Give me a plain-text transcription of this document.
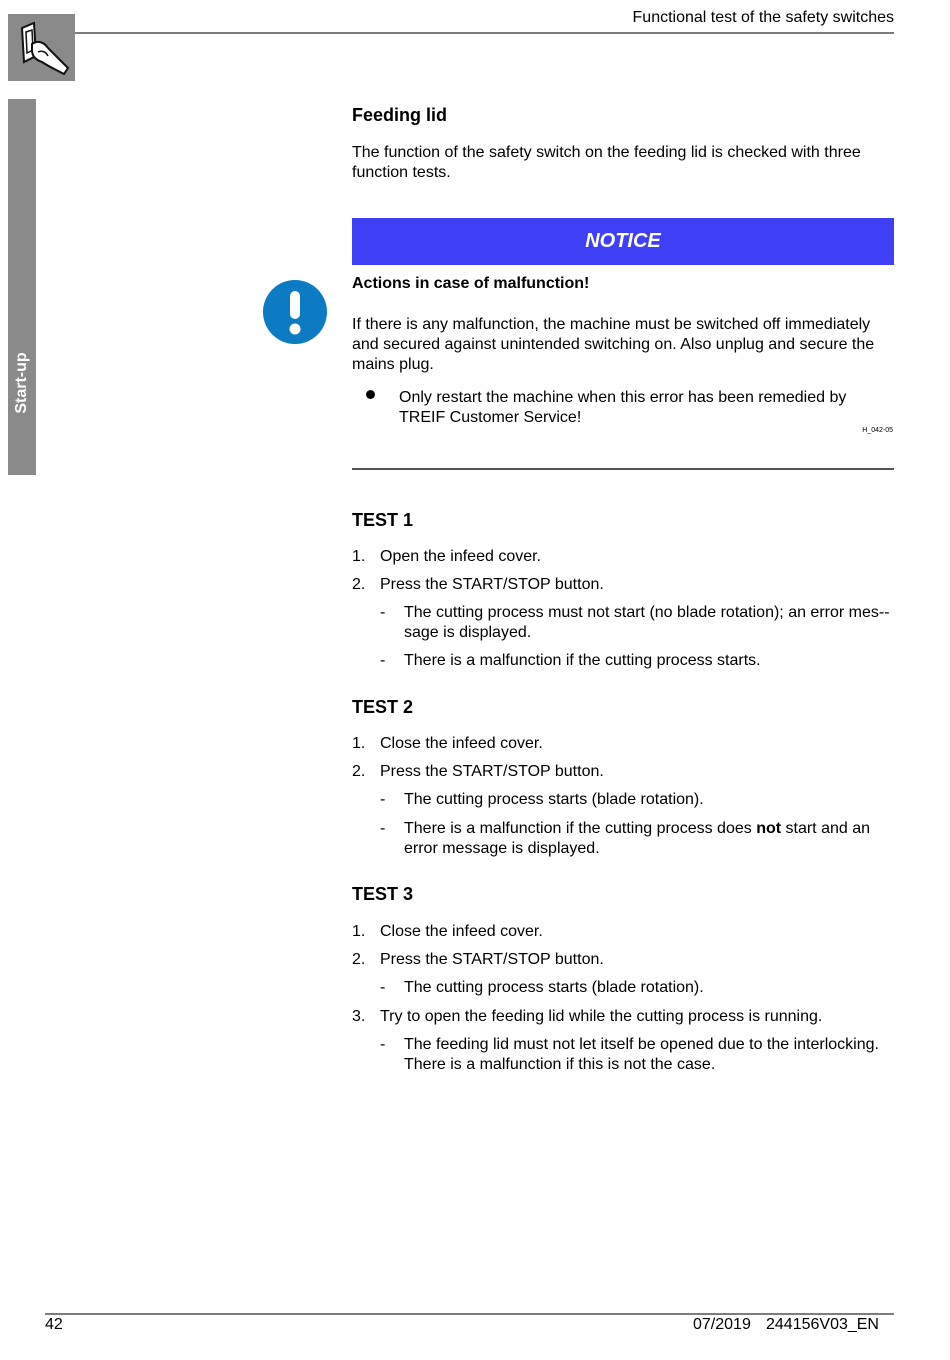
Functional test of the safety switches
Start-up
Feeding lid
The function of the safety switch on the feeding lid is checked with three function tests.
NOTICE
Actions in case of malfunction!
If there is any malfunction, the machine must be switched off immediately and secured against unintended switching on. Also unplug and secure the mains plug.
Only restart the machine when this error has been remedied by TREIF Customer Service!
H_042-05
TEST 1
1. Open the infeed cover.
2. Press the START/STOP button.
- The cutting process must not start (no blade rotation); an error mes-sage is displayed.
- There is a malfunction if the cutting process starts.
TEST 2
1. Close the infeed cover.
2. Press the START/STOP button.
- The cutting process starts (blade rotation).
- There is a malfunction if the cutting process does not start and an error message is displayed.
TEST 3
1. Close the infeed cover.
2. Press the START/STOP button.
- The cutting process starts (blade rotation).
3. Try to open the feeding lid while the cutting process is running.
- The feeding lid must not let itself be opened due to the interlocking. There is a malfunction if this is not the case.
42	07/2019 244156V03_EN
